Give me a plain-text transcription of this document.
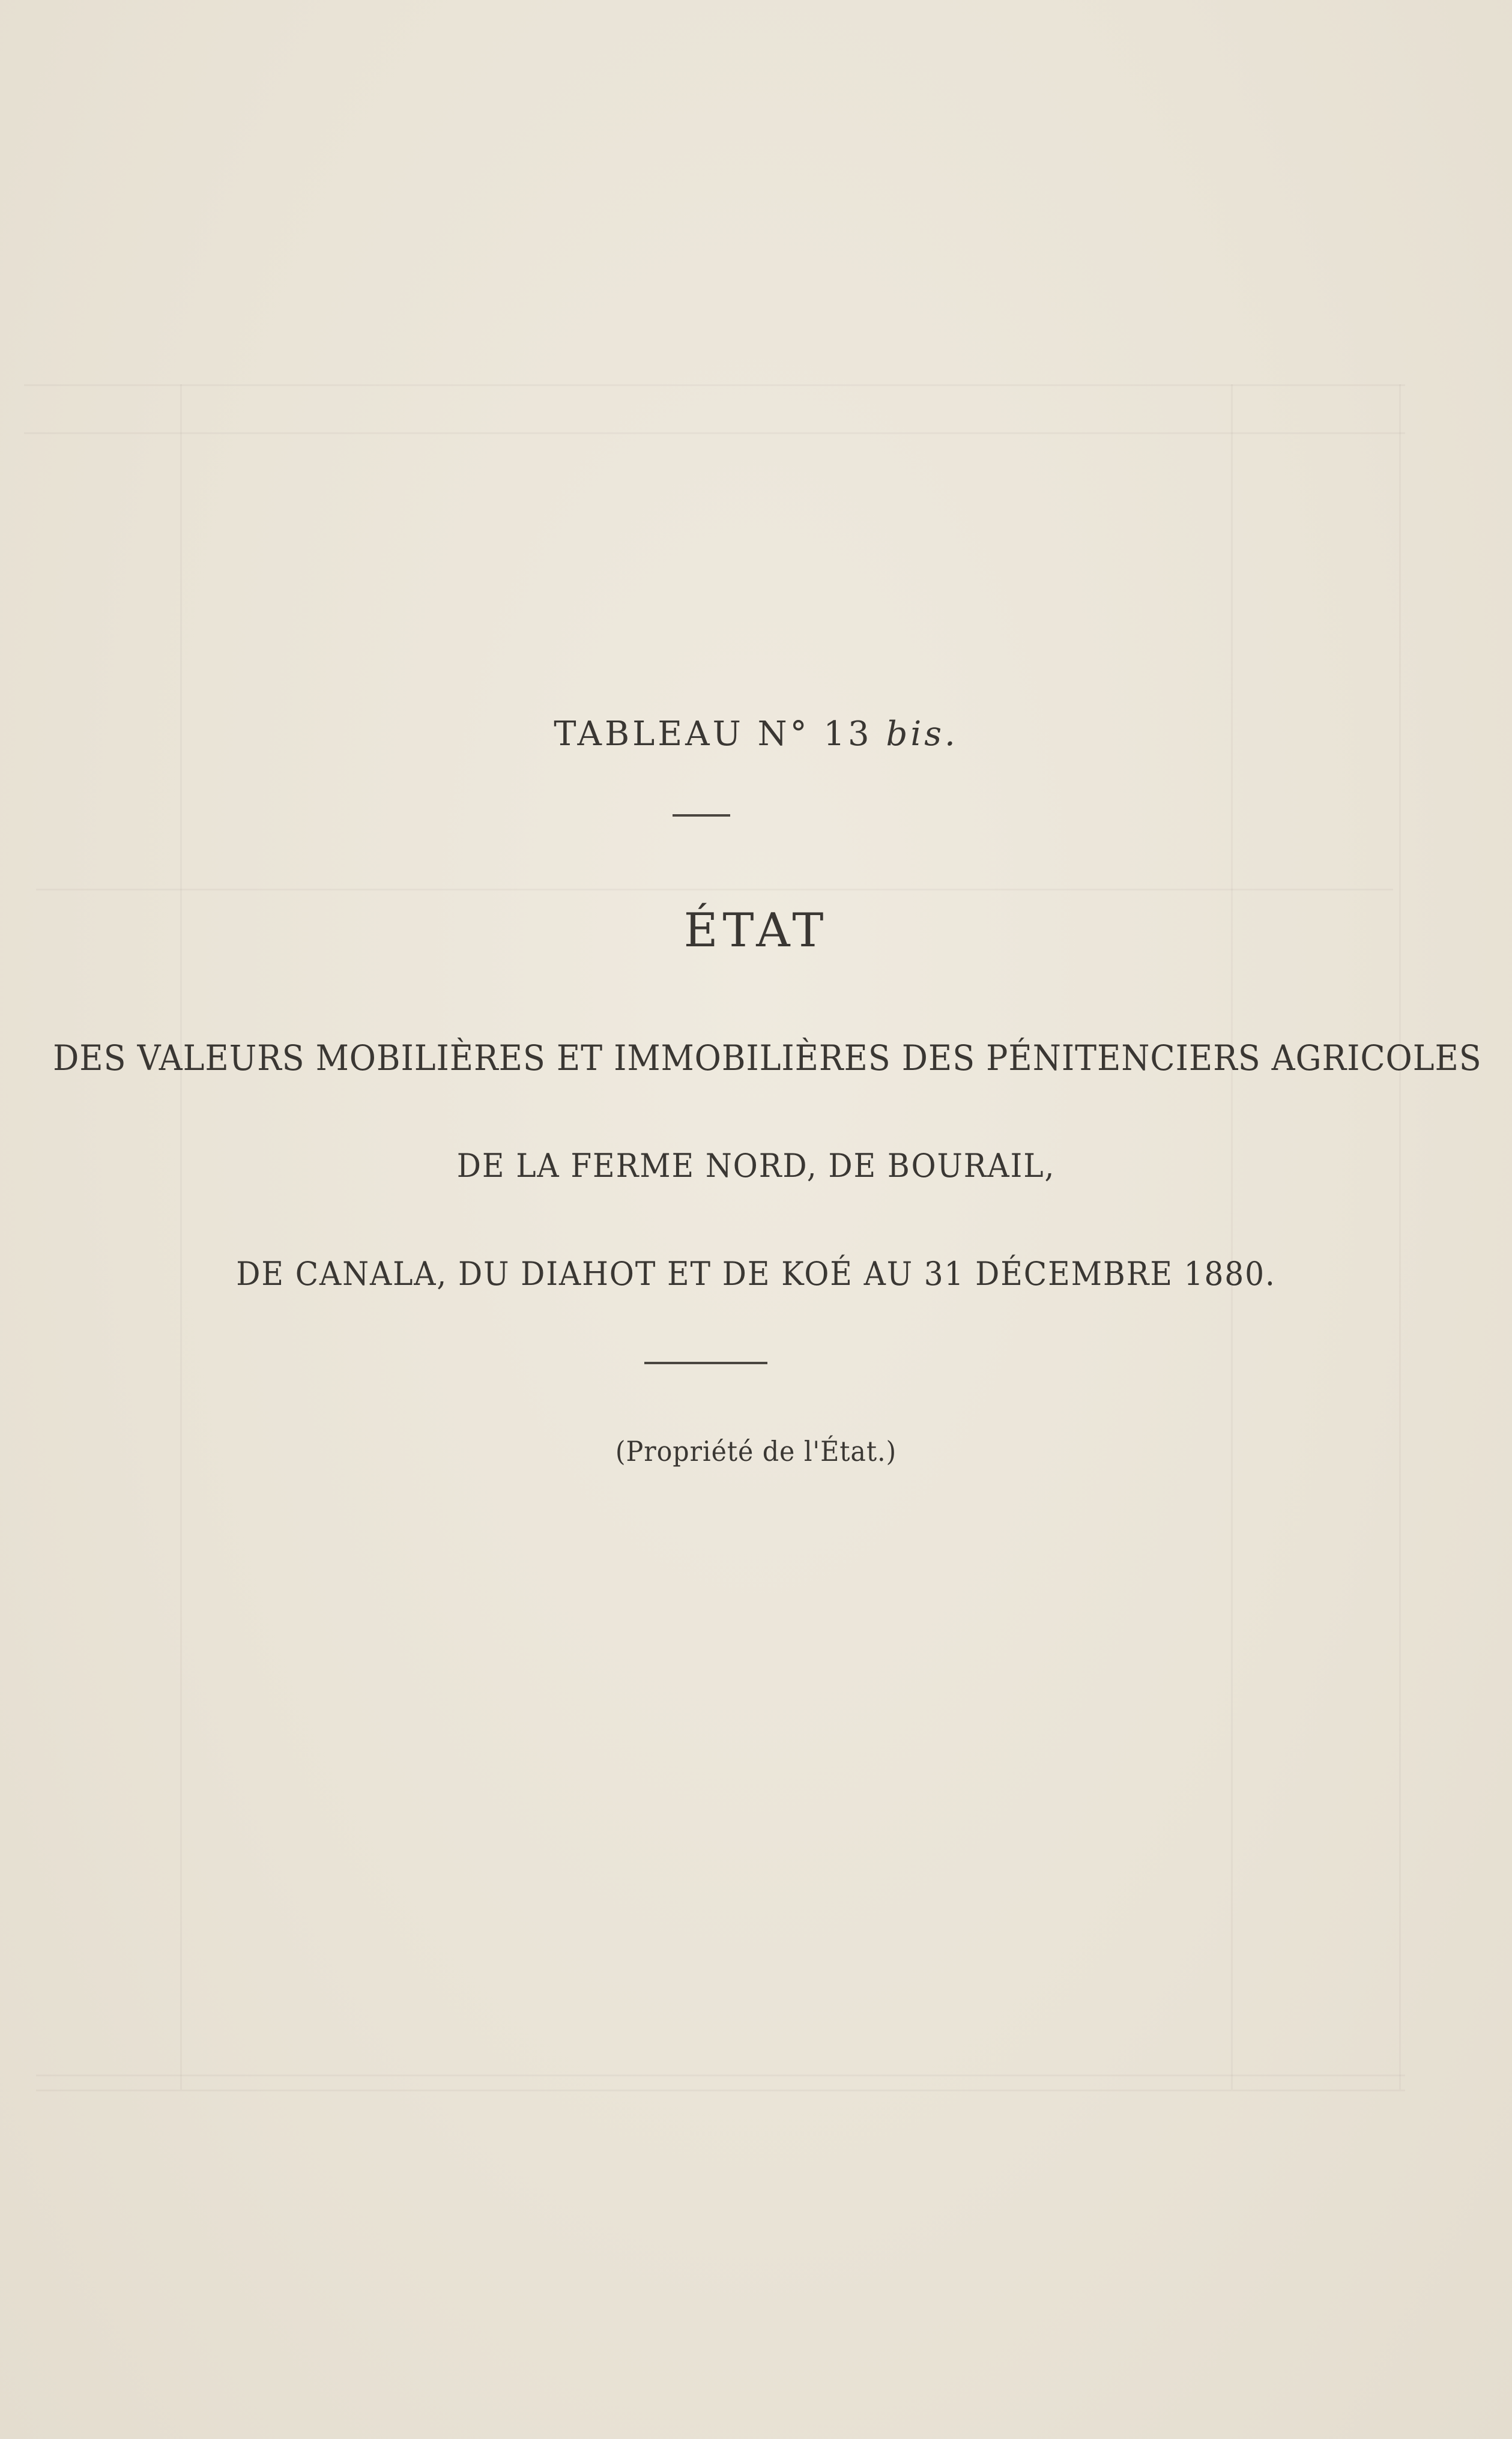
TABLEAU N° 13 bis.
ÉTAT
DES VALEURS MOBILIÈRES ET IMMOBILIÈRES DES PÉNITENCIERS AGRICOLES
DE LA FERME NORD, DE BOURAIL,
DE CANALA, DU DIAHOT ET DE KOÉ AU 31 DÉCEMBRE 1880.
(Propriété de l'État.)
